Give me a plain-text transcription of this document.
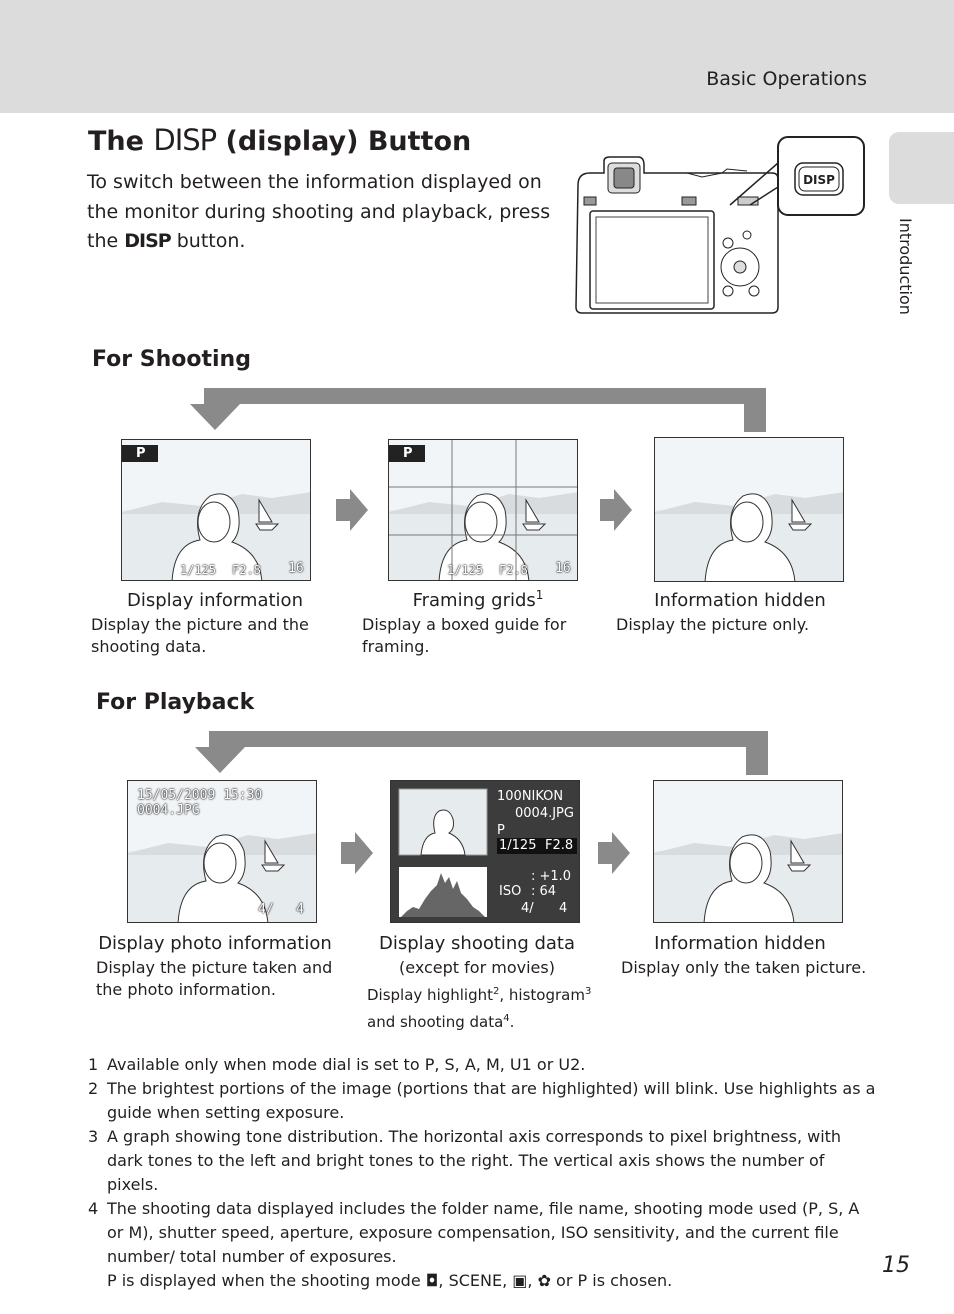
Basic Operations
Introduction
The DISP (display) Button
To switch between the information displayed on the monitor during shooting and playback, press the DISP button.
DISP
For Shooting
P
1/125 F2.8 16
P
1/125 F2.8 16
Display information
Display the picture and the shooting data.
Framing grids$^1$
Display a boxed guide for framing.
Information hidden
Display the picture only.
For Playback
15/05/2009 15:30
0004.JPG
4/ 4
100NIKON
0004.JPG
P
1/125 F2.8
: +1.0
ISO : 64
4/ 4
Display photo information
Display the picture taken and the photo information.
Display shooting data
(except for movies)
Display highlight$^2$, histogram$^3$
and shooting data$^4$.
Information hidden
Display only the taken picture.
1 Available only when mode dial is set to P, S, A, M, U1 or U2.
2 The brightest portions of the image (portions that are highlighted) will blink. Use highlights as a guide when setting exposure.
3 A graph showing tone distribution. The horizontal axis corresponds to pixel brightness, with dark tones to the left and bright tones to the right. The vertical axis shows the number of pixels.
4 The shooting data displayed includes the folder name, file name, shooting mode used (P, S, A or M), shutter speed, aperture, exposure compensation, ISO sensitivity, and the current file number/ total number of exposures.
P is displayed when the shooting mode ◘, SCENE, ▣, ✿ or P is chosen.
15
